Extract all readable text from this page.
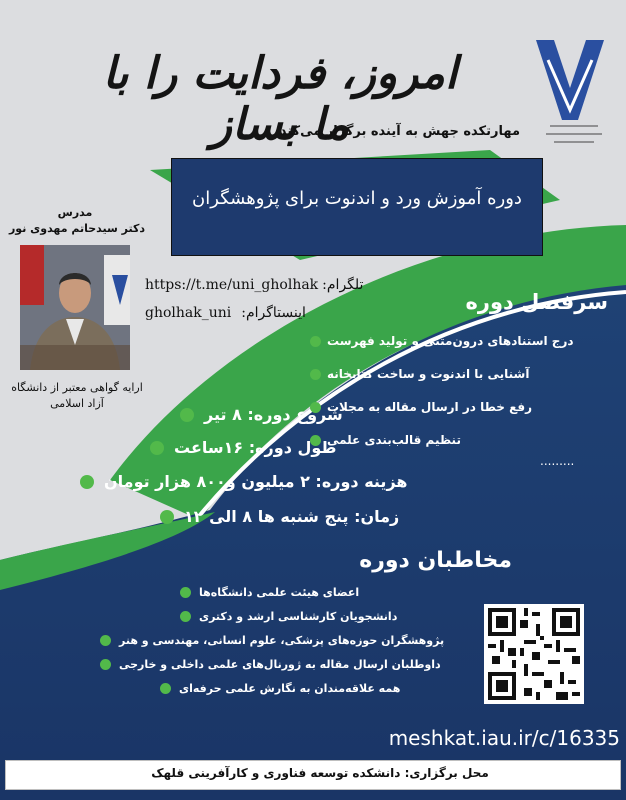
امروز، فردایت را با ما بساز
مهارتکده جهش به آینده برگزار می‌کند
دوره آموزش ورد و اندنوت برای پژوهشگران
مدرس
دکتر سیدحاتم مهدوی نور
ارایه گواهی معتبر از دانشگاه
آزاد اسلامی
https://t.me/uni_gholhak تلگرام:
gholhak_uni اینستاگرام:	سرفصل دوره
درج استنادهای درون‌متنی و تولید فهرست
آشنایی با اندنوت و ساخت کتابخانه
رفع خطا در ارسال مقاله به مجلات
تنظیم قالب‌بندی علمی
.........
شروع دوره: ۸ تیر
طول دوره: ۱۶ساعت
هزینه دوره: ۲ میلیون و۸۰۰ هزار تومان
زمان: پنج شنبه ها ۸ الی ۱۲
مخاطبان دوره
اعضای هیئت علمی دانشگاه‌ها
دانشجویان کارشناسی ارشد و دکتری
پژوهشگران حوزه‌های پزشکی، علوم انسانی، مهندسی و هنر
داوطلبان ارسال مقاله به ژورنال‌های علمی داخلی و خارجی
همه علاقه‌مندان به نگارش علمی حرفه‌ای
meshkat.iau.ir/c/16335
محل برگزاری: دانشکده توسعه فناوری و کارآفرینی قلهک
